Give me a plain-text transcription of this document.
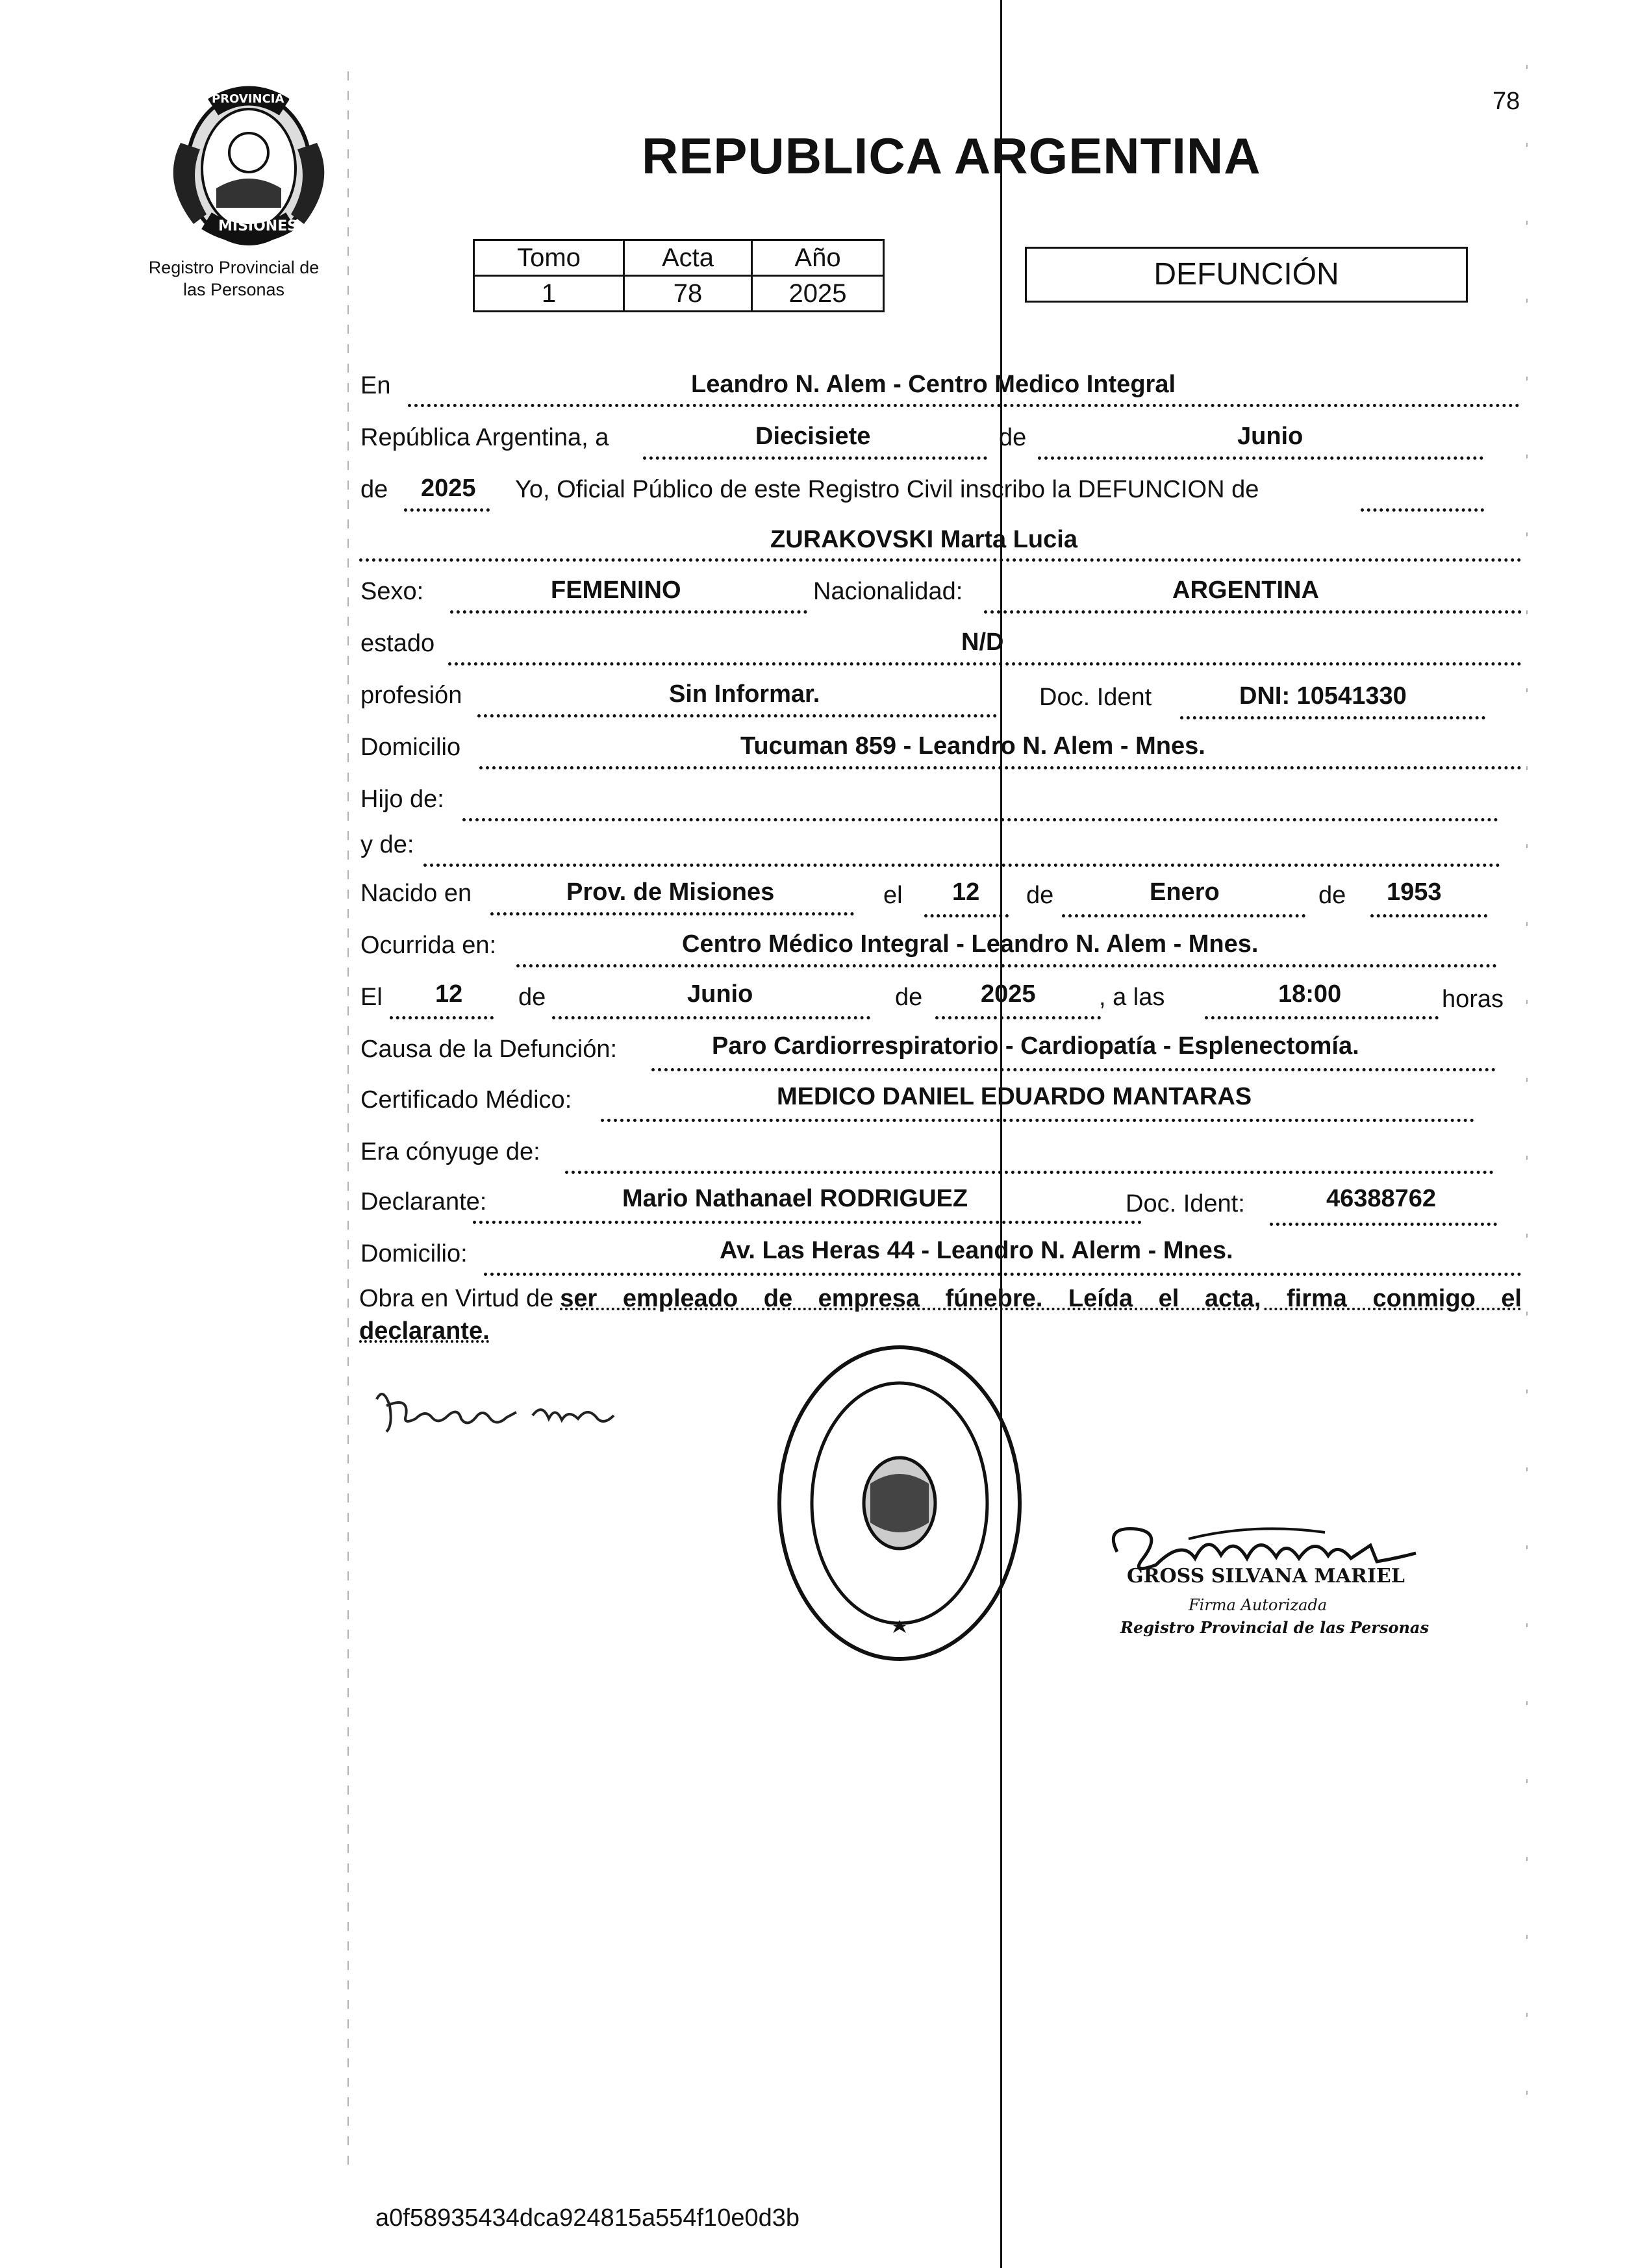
78
PROVINCIA DE
MISIONES
Registro Provincial de
las Personas
REPUBLICA ARGENTINA
Tomo	Acta	Año
1	78	2025
DEFUNCIÓN
En	Leandro N. Alem - Centro Medico Integral
República Argentina, a	Diecisiete	de	Junio
de 2025 Yo, Oficial Público de este Registro Civil inscribo la DEFUNCION de
ZURAKOVSKI Marta Lucia
Sexo:	FEMENINO	Nacionalidad:	ARGENTINA
estado	N/D
profesión	Sin Informar.	Doc. Ident	DNI: 10541330
Domicilio	Tucuman 859 - Leandro N. Alem - Mnes.
Hijo de:
y de:
Nacido en	Prov. de Misiones	el 12 de	Enero	de 1953
Ocurrida en:	Centro Médico Integral - Leandro N. Alem - Mnes.
El 12 de	Junio	de 2025	, a las	18:00	horas
Causa de la Defunción:	Paro Cardiorrespiratorio - Cardiopatía - Esplenectomía.
Certificado Médico:	MEDICO DANIEL EDUARDO MANTARAS
Era cónyuge de:
Declarante:	Mario Nathanael RODRIGUEZ	Doc. Ident:	46388762
Domicilio:	Av. Las Heras 44 - Leandro N. Alerm - Mnes.
Obra en Virtud de ser empleado de empresa fúnebre. Leída el acta, firma conmigo el
declarante.
GROSS SILVANA MARIEL
Firma Autorizada
Registro Provincial de las Personas
a0f58935434dca924815a554f10e0d3b
